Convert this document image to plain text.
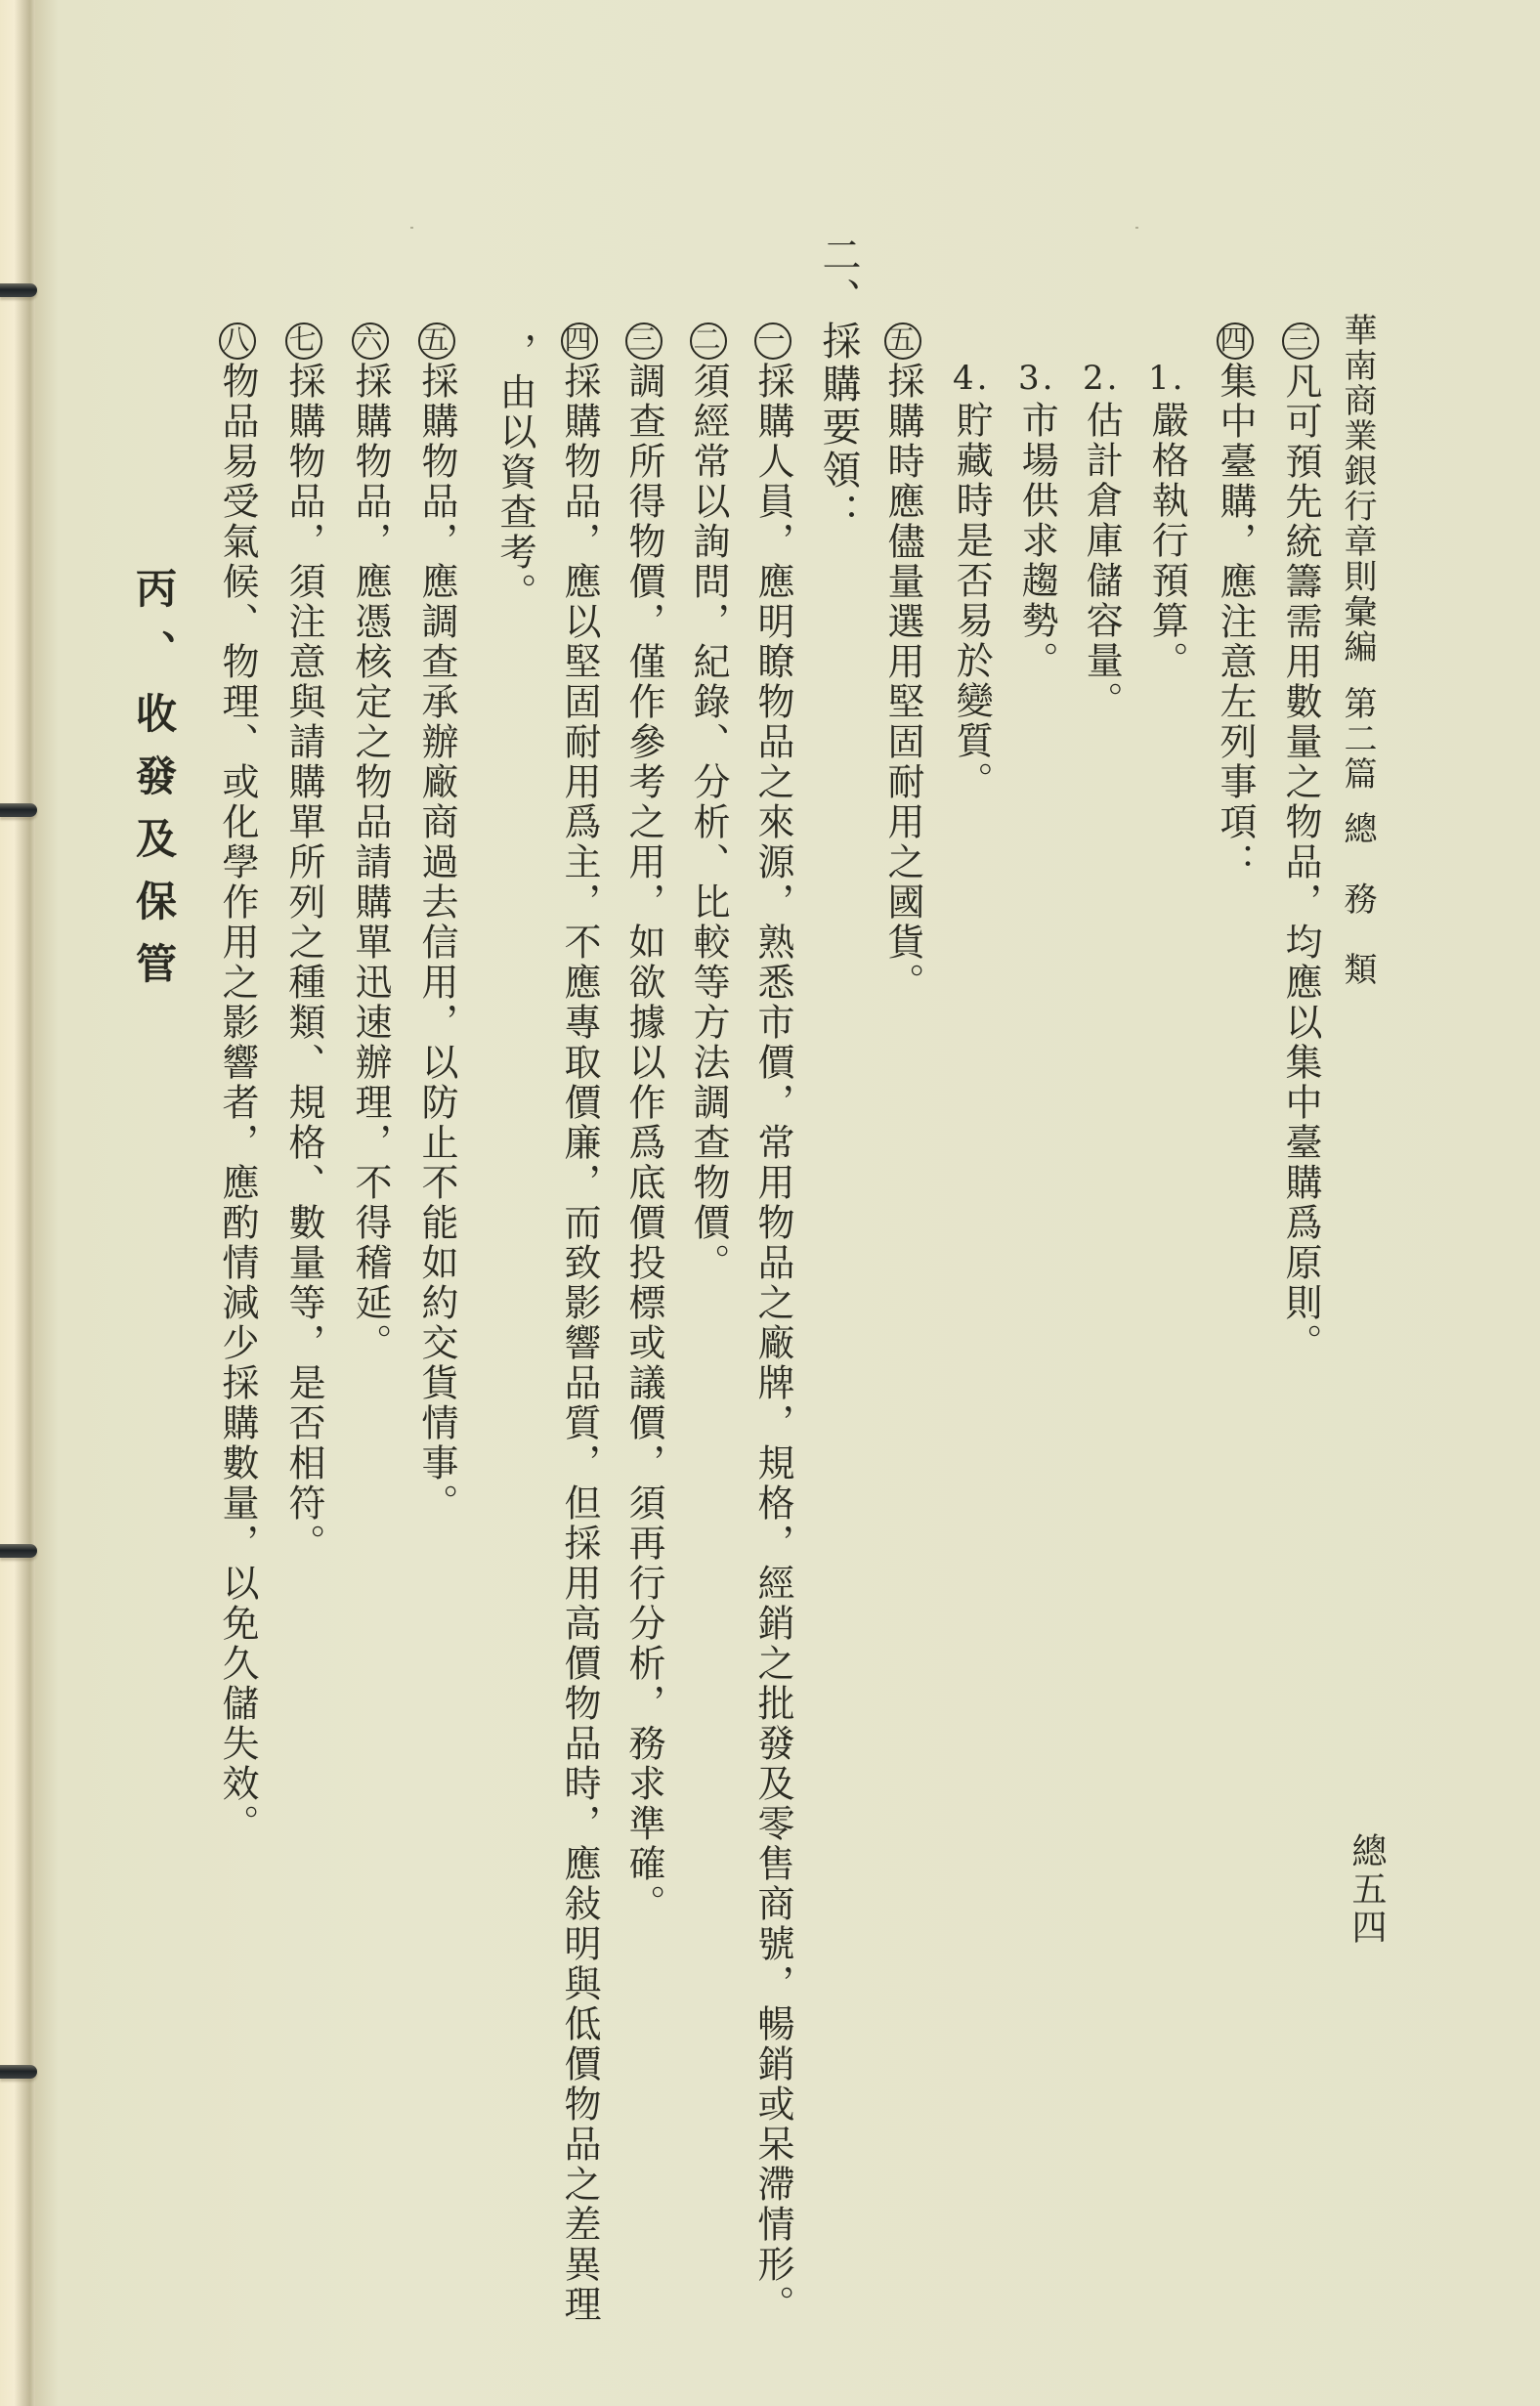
華南商業銀行章則彙編第二篇總　務　類
總五四
三凡可預先統籌需用數量之物品，均應以集中臺購爲原則。
四集中臺購，應注意左列事項：
1.嚴格執行預算。
2.估計倉庫儲容量。
3.市場供求趨勢。
4.貯藏時是否易於變質。
五採購時應儘量選用堅固耐用之國貨。
二、採購要領：
一採購人員，應明瞭物品之來源，熟悉市價，常用物品之廠牌，規格，經銷之批發及零售商號，暢銷或呆滯情形。
二須經常以詢問，紀錄、分析、比較等方法調查物價。
三調查所得物價，僅作參考之用，如欲據以作爲底價投標或議價，須再行分析，務求準確。
四採購物品，應以堅固耐用爲主，不應專取價廉，而致影響品質，但採用高價物品時，應敍明與低價物品之差異理
，由以資查考。
五採購物品，應調查承辦廠商過去信用，以防止不能如約交貨情事。
六採購物品，應憑核定之物品請購單迅速辦理，不得稽延。
七採購物品，須注意與請購單所列之種類、規格、數量等，是否相符。
八物品易受氣候、物理、或化學作用之影響者，應酌情減少採購數量，以免久儲失效。
丙、收發及保管
